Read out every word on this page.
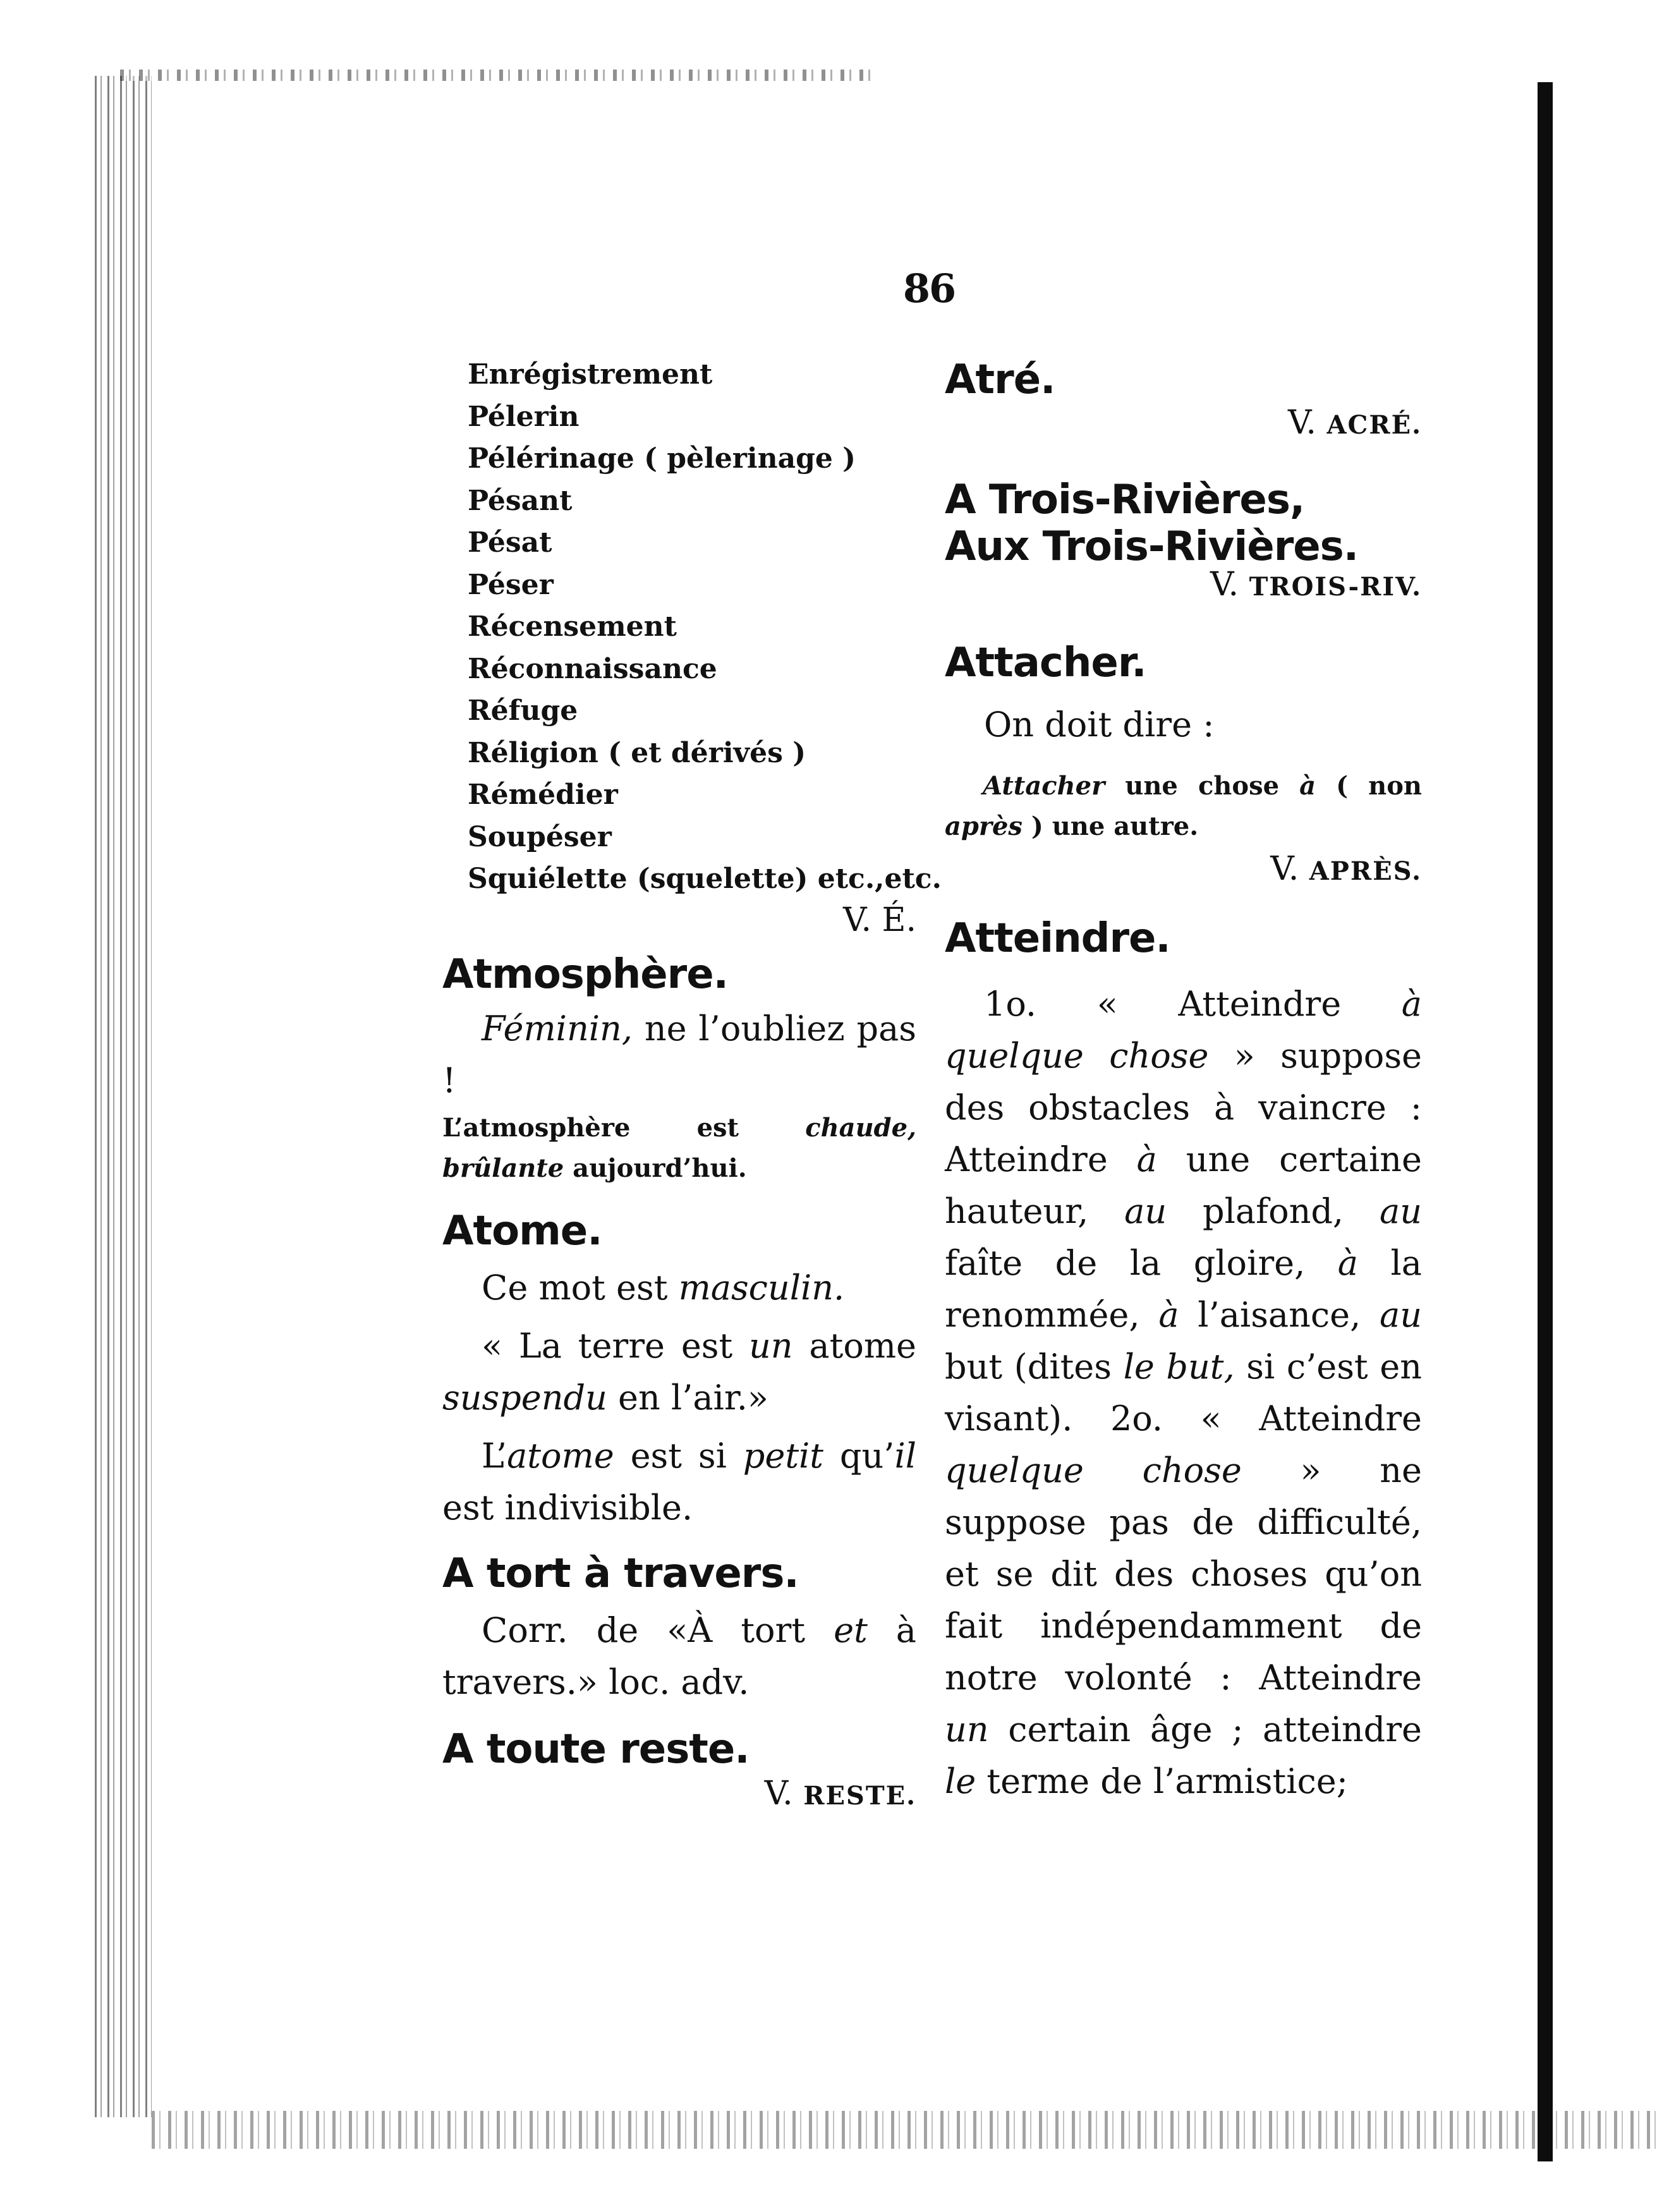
86
Enrégistrement
Pélerin
Pélérinage ( pèlerinage )
Pésant
Pésat
Péser
Récensement
Réconnaissance
Réfuge
Réligion ( et dérivés )
Rémédier
Soupéser
Squiélette (squelette) etc.,etc.

V. É.

Atmosphère.

Féminin, ne l’oubliez pas !

L’atmosphère est chaude, brûlante aujourd’hui.

Atome.

Ce mot est masculin.

« La terre est un atome suspendu en l’air.»

L’atome est si petit qu’il est indivisible.

A tort à travers.

Corr. de «À tort et à travers.» loc. adv.

A toute reste.

V. RESTE.

Atré.

V. ACRÉ.

A Trois-Rivières,
Aux Trois-Rivières.

V. TROIS-RIV.

Attacher.

On doit dire :

Attacher une chose à ( non après ) une autre.

V. APRÈS.

Atteindre.

1o. « Atteindre à quelque chose » suppose des obstacles à vaincre : Atteindre à une certaine hauteur, au plafond, au faîte de la gloire, à la renommée, à l’aisance, au but (dites le but, si c’est en visant). 2o. « Atteindre quelque chose » ne suppose pas de difficulté, et se dit des choses qu’on fait indépendamment de notre volonté : Atteindre un certain âge ; atteindre le terme de l’armistice;
